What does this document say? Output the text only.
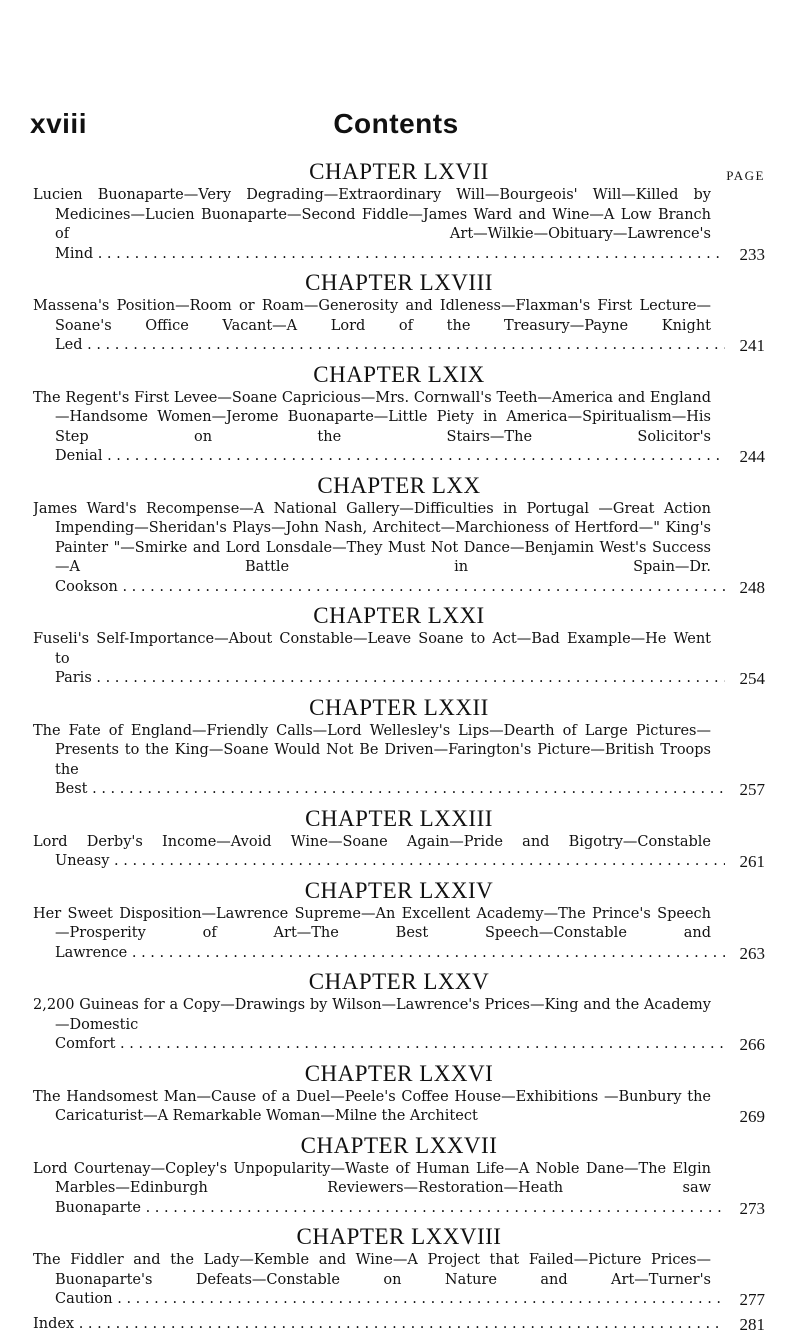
xviii	Contents
CHAPTER LXVII	PAGE
Lucien Buonaparte—Very Degrading—Extraordinary Will—Bourgeois' Will—Killed by Medicines—Lucien Buonaparte—Second Fiddle—James Ward and Wine—A Low Branch of Art—Wilkie—Obituary—Lawrence's Mind . . .	233
CHAPTER LXVIII
Massena's Position—Room or Roam—Generosity and Idleness—Flaxman's First Lecture—Soane's Office Vacant—A Lord of the Treasury—Payne Knight Led . . .	241
CHAPTER LXIX
The Regent's First Levee—Soane Capricious—Mrs. Cornwall's Teeth—America and England—Handsome Women—Jerome Buonaparte—Little Piety in America—Spiritualism—His Step on the Stairs—The Solicitor's Denial . . .	244
CHAPTER LXX
James Ward's Recompense—A National Gallery—Difficulties in Portugal —Great Action Impending—Sheridan's Plays—John Nash, Architect—Marchioness of Hertford—" King's Painter "—Smirke and Lord Lonsdale—They Must Not Dance—Benjamin West's Success—A Battle in Spain—Dr. Cookson . . .	248
CHAPTER LXXI
Fuseli's Self-Importance—About Constable—Leave Soane to Act—Bad Example—He Went to Paris . . .	254
CHAPTER LXXII
The Fate of England—Friendly Calls—Lord Wellesley's Lips—Dearth of Large Pictures—Presents to the King—Soane Would Not Be Driven—Farington's Picture—British Troops the Best . . .	257
CHAPTER LXXIII
Lord Derby's Income—Avoid Wine—Soane Again—Pride and Bigotry—Constable Uneasy . . .	261
CHAPTER LXXIV
Her Sweet Disposition—Lawrence Supreme—An Excellent Academy—The Prince's Speech—Prosperity of Art—The Best Speech—Constable and Lawrence . . .	263
CHAPTER LXXV
2,200 Guineas for a Copy—Drawings by Wilson—Lawrence's Prices—King and the Academy—Domestic Comfort . . .	266
CHAPTER LXXVI
The Handsomest Man—Cause of a Duel—Peele's Coffee House—Exhibitions —Bunbury the Caricaturist—A Remarkable Woman—Milne the Architect	269
CHAPTER LXXVII
Lord Courtenay—Copley's Unpopularity—Waste of Human Life—A Noble Dane—The Elgin Marbles—Edinburgh Reviewers—Restoration—Heath saw Buonaparte . . .	273
CHAPTER LXXVIII
The Fiddler and the Lady—Kemble and Wine—A Project that Failed—Picture Prices—Buonaparte's Defeats—Constable on Nature and Art—Turner's Caution . . .	277
Index . . .	281
